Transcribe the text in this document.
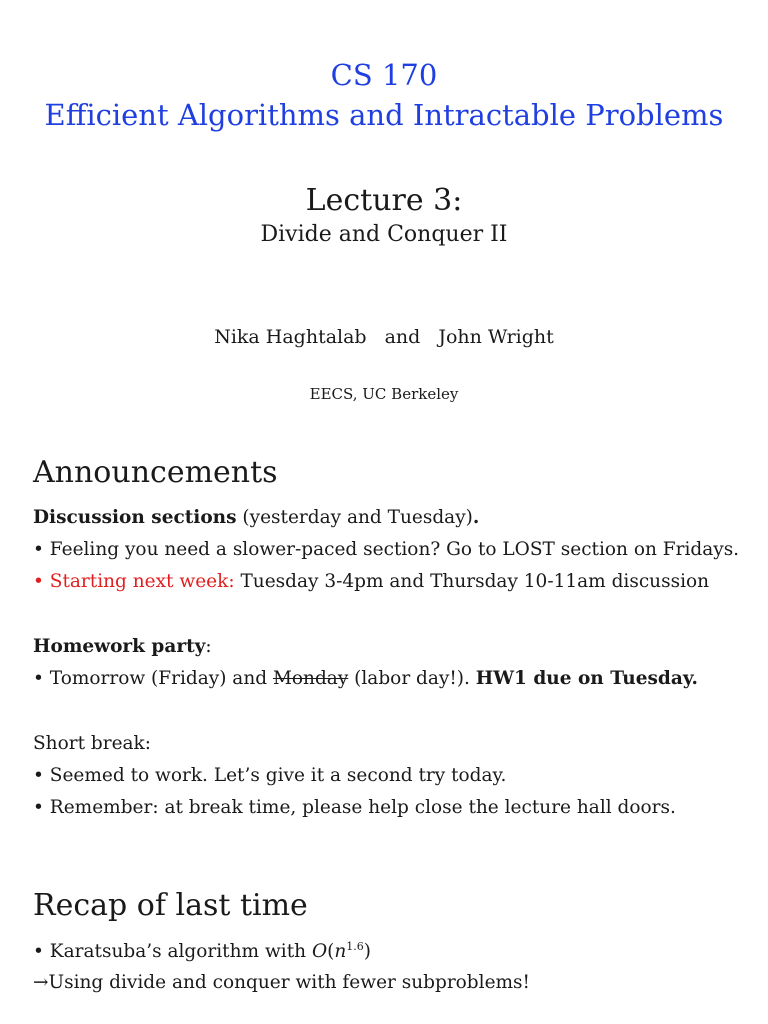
CS 170
Efficient Algorithms and Intractable Problems
Lecture 3:
Divide and Conquer II
Nika Haghtalab and John Wright
EECS, UC Berkeley
Announcements
Discussion sections (yesterday and Tuesday).
• Feeling you need a slower-paced section? Go to LOST section on Fridays.
• Starting next week: Tuesday 3-4pm and Thursday 10-11am discussion
Homework party:
• Tomorrow (Friday) and Monday (labor day!). HW1 due on Tuesday.
Short break:
• Seemed to work. Let’s give it a second try today.
• Remember: at break time, please help close the lecture hall doors.
Recap of last time
• Karatsuba’s algorithm with $O(n^{1.6})$
→Using divide and conquer with fewer subproblems!
